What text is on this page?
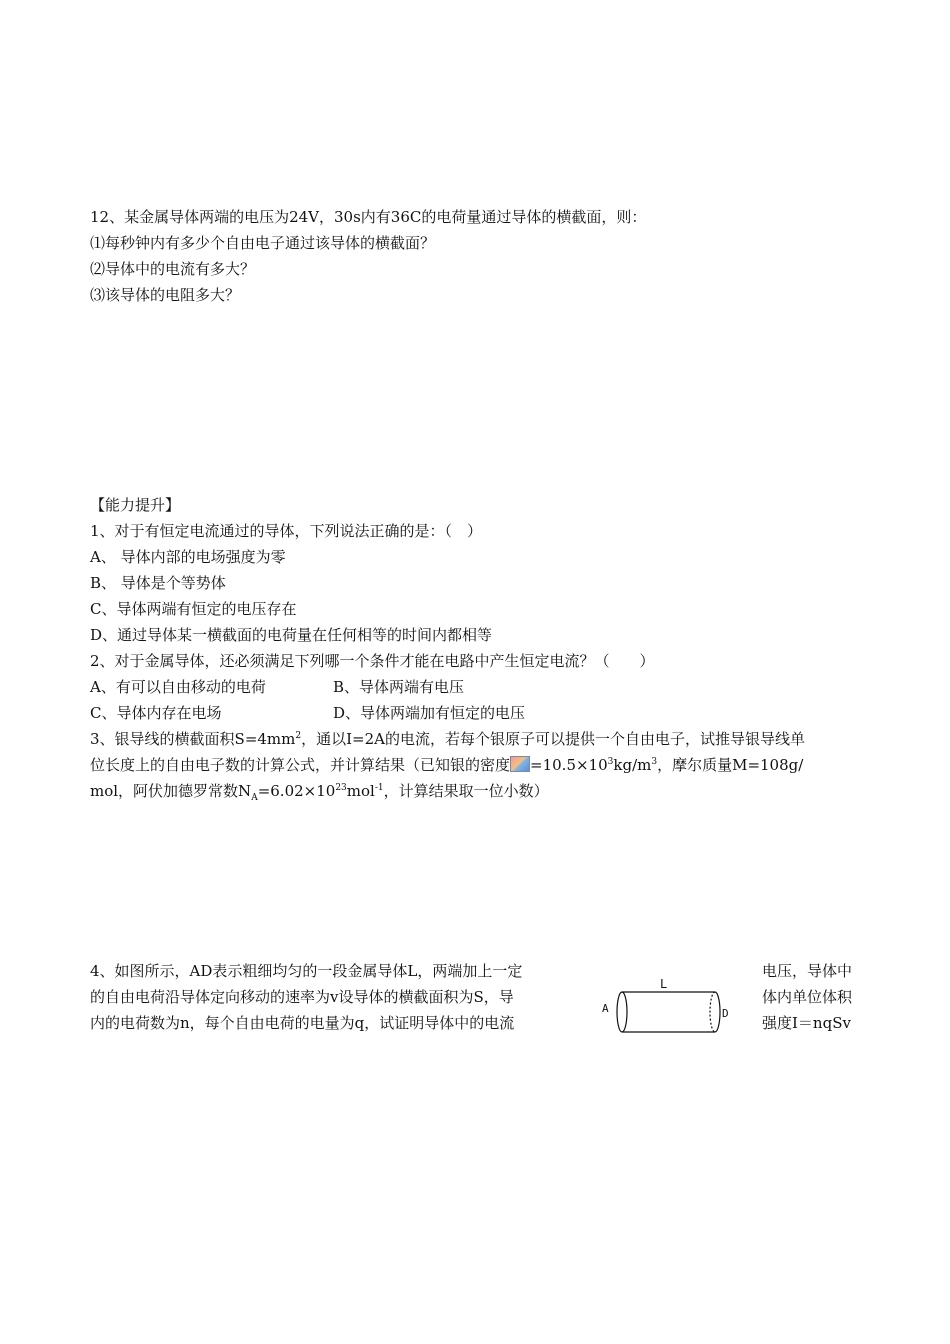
12、某金属导体两端的电压为24V，30s内有36C的电荷量通过导体的横截面，则：
⑴每秒钟内有多少个自由电子通过该导体的横截面？
⑵导体中的电流有多大？
⑶该导体的电阻多大？
【能力提升】
1、对于有恒定电流通过的导体，下列说法正确的是：（　）
A、 导体内部的电场强度为零
B、 导体是个等势体
C、导体两端有恒定的电压存在
D、通过导体某一横截面的电荷量在任何相等的时间内都相等
2、对于金属导体，还必须满足下列哪一个条件才能在电路中产生恒定电流？（　　）
A、有可以自由移动的电荷	B、导体两端有电压
C、导体内存在电场	D、导体两端加有恒定的电压
3、银导线的横截面积$S=4mm^2$，通以I=2A的电流，若每个银原子可以提供一个自由电子，试推导银导线单
位长度上的自由电子数的计算公式，并计算结果（已知银的密度 $=10.5\times 10^3kg/m^3$，摩尔质量M=108g/
mol，阿伏加德罗常数$N_A=6.02\times 10^{23}mol^{-1}$，计算结果取一位小数）
4、如图所示，AD表示粗细均匀的一段金属导体L，两端加上一定
的自由电荷沿导体定向移动的速率为v设导体的横截面积为S，导
内的电荷数为n，每个自由电荷的电量为q，试证明导体中的电流
电压，导体中
体内单位体积
强度I＝nqSv
L
A	D
